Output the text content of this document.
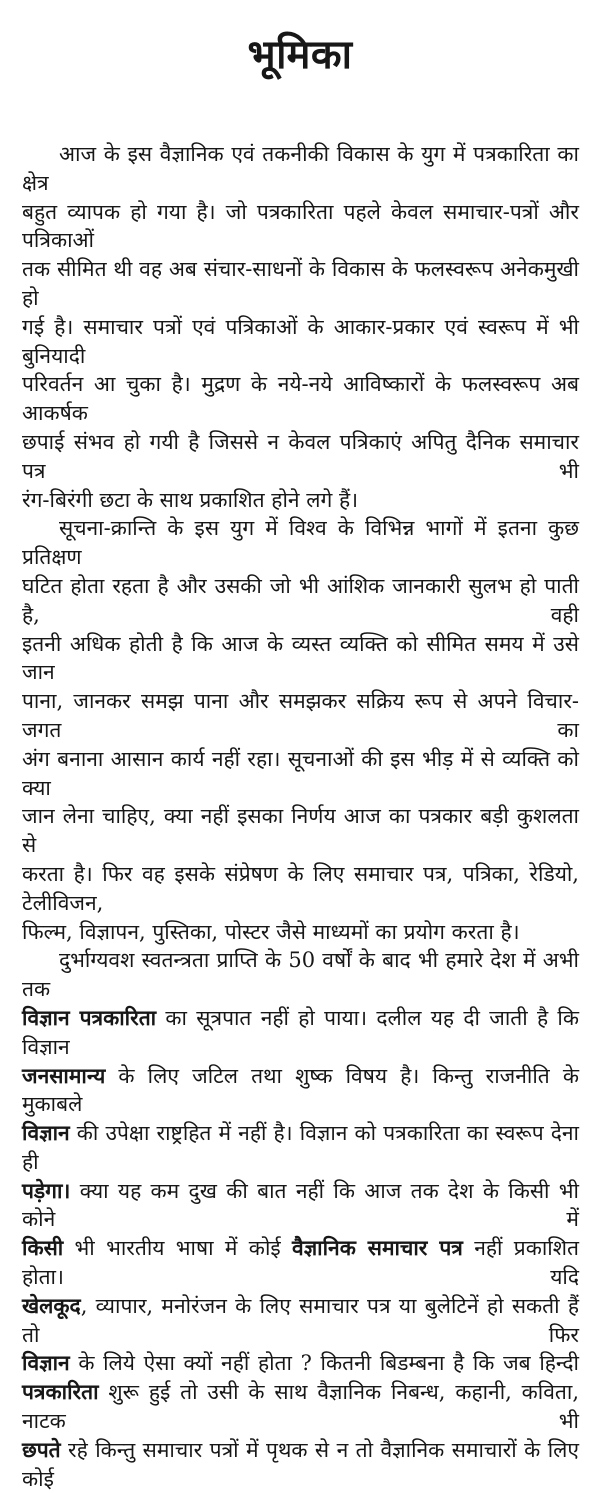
भूमिका
आज के इस वैज्ञानिक एवं तकनीकी विकास के युग में पत्रकारिता का क्षेत्र
बहुत व्यापक हो गया है। जो पत्रकारिता पहले केवल समाचार-पत्रों और पत्रिकाओं
तक सीमित थी वह अब संचार-साधनों के विकास के फलस्वरूप अनेकमुखी हो
गई है। समाचार पत्रों एवं पत्रिकाओं के आकार-प्रकार एवं स्वरूप में भी बुनियादी
परिवर्तन आ चुका है। मुद्रण के नये-नये आविष्कारों के फलस्वरूप अब आकर्षक
छपाई संभव हो गयी है जिससे न केवल पत्रिकाएं अपितु दैनिक समाचार पत्र भी
रंग-बिरंगी छटा के साथ प्रकाशित होने लगे हैं।
सूचना-क्रान्ति के इस युग में विश्व के विभिन्न भागों में इतना कुछ प्रतिक्षण
घटित होता रहता है और उसकी जो भी आंशिक जानकारी सुलभ हो पाती है, वही
इतनी अधिक होती है कि आज के व्यस्त व्यक्ति को सीमित समय में उसे जान
पाना, जानकर समझ पाना और समझकर सक्रिय रूप से अपने विचार-जगत का
अंग बनाना आसान कार्य नहीं रहा। सूचनाओं की इस भीड़ में से व्यक्ति को क्या
जान लेना चाहिए, क्या नहीं इसका निर्णय आज का पत्रकार बड़ी कुशलता से
करता है। फिर वह इसके संप्रेषण के लिए समाचार पत्र, पत्रिका, रेडियो, टेलीविजन,
फिल्म, विज्ञापन, पुस्तिका, पोस्टर जैसे माध्यमों का प्रयोग करता है।
दुर्भाग्यवश स्वतन्त्रता प्राप्ति के 50 वर्षों के बाद भी हमारे देश में अभी तक
विज्ञान पत्रकारिता का सूत्रपात नहीं हो पाया। दलील यह दी जाती है कि विज्ञान
जनसामान्य के लिए जटिल तथा शुष्क विषय है। किन्तु राजनीति के मुकाबले
विज्ञान की उपेक्षा राष्ट्रहित में नहीं है। विज्ञान को पत्रकारिता का स्वरूप देना ही
पड़ेगा। क्या यह कम दुख की बात नहीं कि आज तक देश के किसी भी कोने में
किसी भी भारतीय भाषा में कोई वैज्ञानिक समाचार पत्र नहीं प्रकाशित होता। यदि
खेलकूद, व्यापार, मनोरंजन के लिए समाचार पत्र या बुलेटिनें हो सकती हैं तो फिर
विज्ञान के लिये ऐसा क्यों नहीं होता ? कितनी बिडम्बना है कि जब हिन्दी
पत्रकारिता शुरू हुई तो उसी के साथ वैज्ञानिक निबन्ध, कहानी, कविता, नाटक भी
छपते रहे किन्तु समाचार पत्रों में पृथक से न तो वैज्ञानिक समाचारों के लिए कोई
